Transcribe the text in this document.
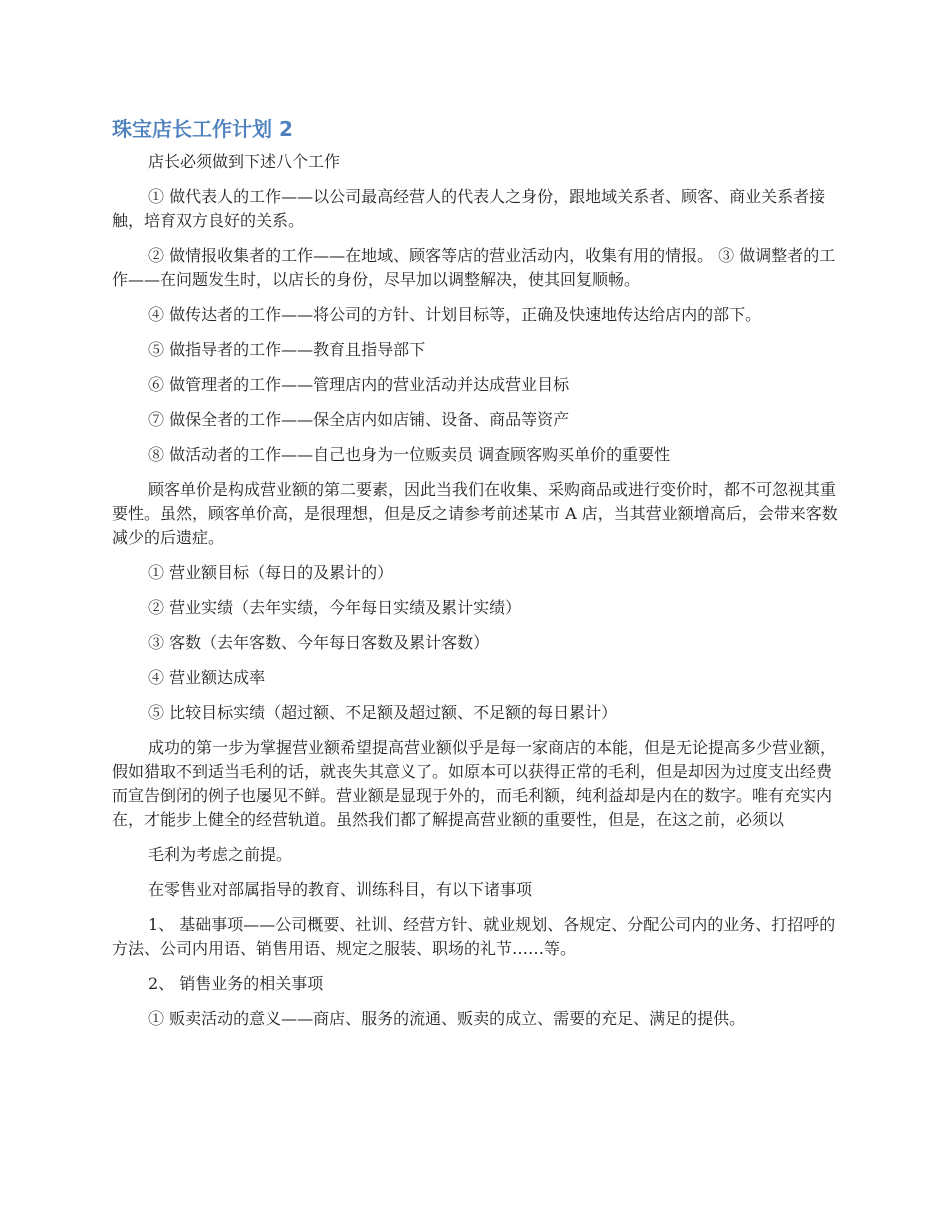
珠宝店长工作计划 2

店长必须做到下述八个工作

① 做代表人的工作——以公司最高经营人的代表人之身份，跟地域关系者、顾客、商业关系者接触，培育双方良好的关系。

② 做情报收集者的工作——在地域、顾客等店的营业活动内，收集有用的情报。 ③ 做调整者的工作——在问题发生时，以店长的身份，尽早加以调整解决，使其回复顺畅。

④ 做传达者的工作——将公司的方针、计划目标等，正确及快速地传达给店内的部下。

⑤ 做指导者的工作——教育且指导部下

⑥ 做管理者的工作——管理店内的营业活动并达成营业目标

⑦ 做保全者的工作——保全店内如店铺、设备、商品等资产

⑧ 做活动者的工作——自己也身为一位贩卖员 调查顾客购买单价的重要性

顾客单价是构成营业额的第二要素，因此当我们在收集、采购商品或进行变价时，都不可忽视其重要性。虽然，顾客单价高，是很理想，但是反之请参考前述某市 A 店，当其营业额增高后，会带来客数减少的后遗症。

① 营业额目标（每日的及累计的）

② 营业实绩（去年实绩，今年每日实绩及累计实绩）

③ 客数（去年客数、今年每日客数及累计客数）

④ 营业额达成率

⑤ 比较目标实绩（超过额、不足额及超过额、不足额的每日累计）

成功的第一步为掌握营业额希望提高营业额似乎是每一家商店的本能，但是无论提高多少营业额，假如猎取不到适当毛利的话，就丧失其意义了。如原本可以获得正常的毛利，但是却因为过度支出经费而宣告倒闭的例子也屡见不鲜。营业额是显现于外的，而毛利额，纯利益却是内在的数字。唯有充实内在，才能步上健全的经营轨道。虽然我们都了解提高营业额的重要性，但是，在这之前，必须以

毛利为考虑之前提。

在零售业对部属指导的教育、训练科目，有以下诸事项

1、 基础事项——公司概要、社训、经营方针、就业规划、各规定、分配公司内的业务、打招呼的方法、公司内用语、销售用语、规定之服装、职场的礼节……等。

2、 销售业务的相关事项

① 贩卖活动的意义——商店、服务的流通、贩卖的成立、需要的充足、满足的提供。
